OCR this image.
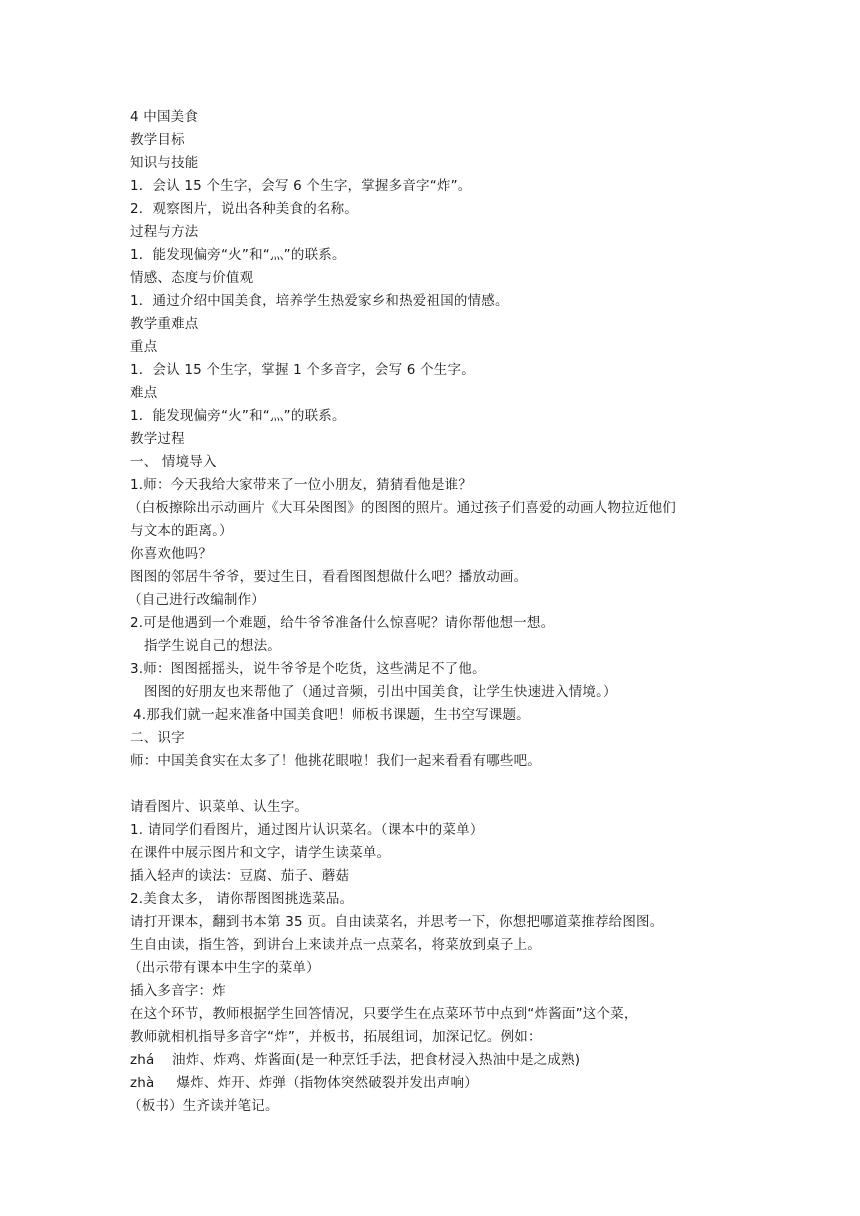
4 中国美食
教学目标
知识与技能
1．会认 15 个生字，会写 6 个生字，掌握多音字“炸”。
2．观察图片，说出各种美食的名称。
过程与方法
1．能发现偏旁“火”和“灬”的联系。
情感、态度与价值观
1．通过介绍中国美食，培养学生热爱家乡和热爱祖国的情感。
教学重难点
重点
1．会认 15 个生字，掌握 1 个多音字，会写 6 个生字。
难点
1．能发现偏旁“火”和“灬”的联系。
教学过程
一、 情境导入
1.师：今天我给大家带来了一位小朋友，猜猜看他是谁？
（白板擦除出示动画片《大耳朵图图》的图图的照片。通过孩子们喜爱的动画人物拉近他们
与文本的距离。）
你喜欢他吗？
图图的邻居牛爷爷，要过生日，看看图图想做什么吧？播放动画。
（自己进行改编制作）
2.可是他遇到一个难题，给牛爷爷准备什么惊喜呢？请你帮他想一想。
指学生说自己的想法。
3.师：图图摇摇头，说牛爷爷是个吃货，这些满足不了他。
图图的好朋友也来帮他了（通过音频，引出中国美食，让学生快速进入情境。）
4.那我们就一起来准备中国美食吧！师板书课题，生书空写课题。
二、识字
师：中国美食实在太多了！他挑花眼啦！我们一起来看看有哪些吧。
请看图片、识菜单、认生字。
1. 请同学们看图片，通过图片认识菜名。（课本中的菜单）
在课件中展示图片和文字，请学生读菜单。
插入轻声的读法：豆腐、茄子、蘑菇
2.美食太多， 请你帮图图挑选菜品。
请打开课本，翻到书本第 35 页。自由读菜名，并思考一下，你想把哪道菜推荐给图图。
生自由读，指生答，到讲台上来读并点一点菜名，将菜放到桌子上。
（出示带有课本中生字的菜单）
插入多音字：炸
在这个环节，教师根据学生回答情况，只要学生在点菜环节中点到“炸酱面”这个菜，
教师就相机指导多音字“炸”，并板书，拓展组词，加深记忆。例如：
zhá 油炸、炸鸡、炸酱面(是一种烹饪手法，把食材浸入热油中是之成熟)
zhà 爆炸、炸开、炸弹（指物体突然破裂并发出声响）
（板书）生齐读并笔记。
